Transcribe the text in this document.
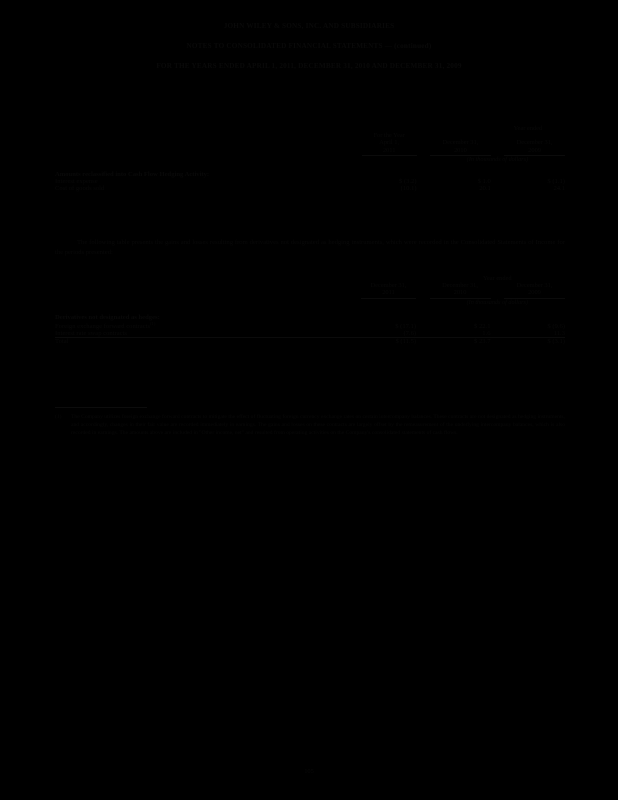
JOHN WILEY & SONS, INC. AND SUBSIDIARIES
NOTES TO CONSOLIDATED FINANCIAL STATEMENTS — (continued)
FOR THE YEARS ENDED APRIL 1, 2011, DECEMBER 31, 2010 AND DECEMBER 31, 2009
					Year ended	

For the Year
April 1,
2011

December 31,
2010

December 31,
2009

				(In thousands of dollars)		

Amounts reclassified into Cash Flow Hedging Activity:						
Interest expense		$ (3.2)		$ 1.0		$ (1.1)
Cost of goods sold		(10.1)		20.1		24.1
The following table presents the gains and losses resulting from derivatives not designated as hedging instruments, which were recorded in the Consolidated Statements of Income for the periods presented:
				Year ended		

December 31,
2011

December 31,
2010

December 31,
2009

				(In thousands of dollars)		

Derivatives not designated as hedges:						
Foreign exchange forward contracts$^{(1)}$		$ (17.1)		$ 22.1		$ (9.6)
Interest rate swap contracts		(7.6)		1.6		11.3
Total		$ (11.5)		$ 23.7		$ (3.1)
(1)	The Company utilizes foreign exchange forward contracts to mitigate the effect of fluctuating foreign currency exchange rates on certain intercompany balances. These contracts are not designated as hedging instruments, and accordingly, changes in their fair value are recorded immediately in earnings. The gains and losses on these contracts are largely offset by the remeasurement of the underlying intercompany balances, which is also recorded in earnings. The amounts above are included in "Other income, net" and resulted from operating activities on the Company's consolidated statements of cash flows.
105
